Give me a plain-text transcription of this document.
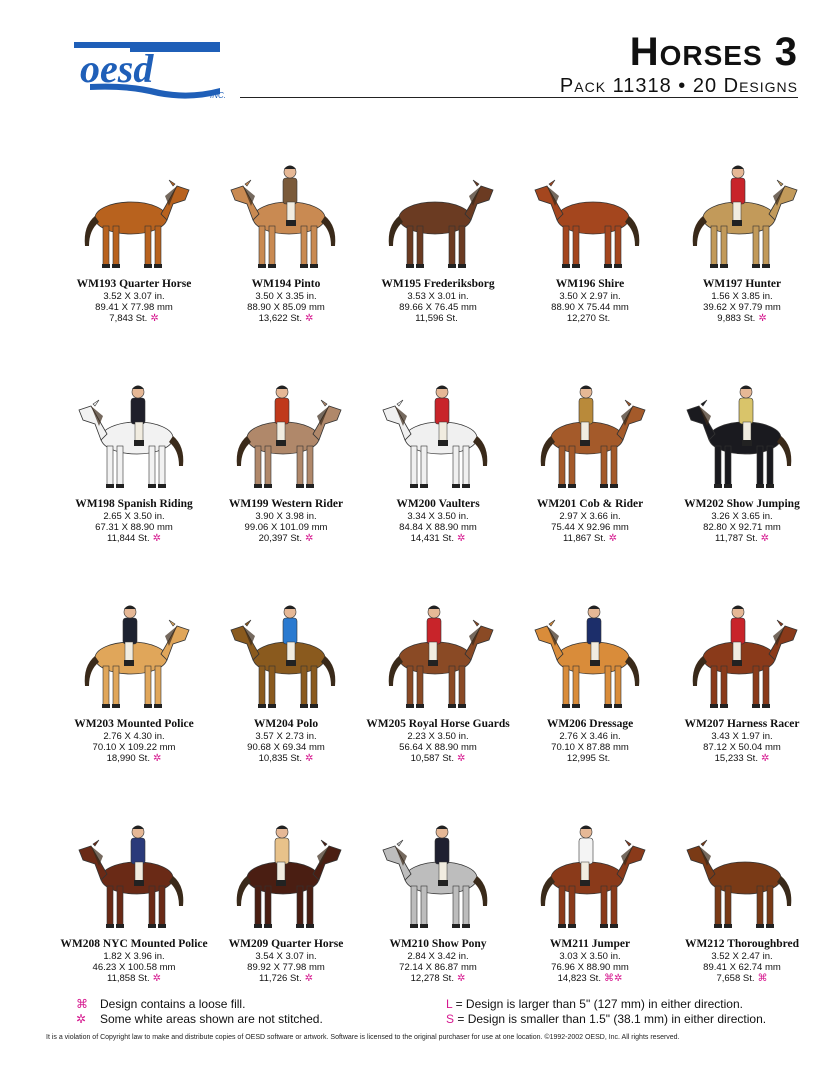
oesd
INC.
Horses 3
Pack 11318 • 20 Designs
WM193 Quarter Horse
3.52 X 3.07 in.
89.41 X 77.98 mm
7,843 St. ✲
WM194 Pinto
3.50 X 3.35 in.
88.90 X 85.09 mm
13,622 St. ✲
WM195 Frederiksborg
3.53 X 3.01 in.
89.66 X 76.45 mm
11,596 St.
WM196 Shire
3.50 X 2.97 in.
88.90 X 75.44 mm
12,270 St.
WM197 Hunter
1.56 X 3.85 in.
39.62 X 97.79 mm
9,883 St. ✲
WM198 Spanish Riding
2.65 X 3.50 in.
67.31 X 88.90 mm
11,844 St. ✲
WM199 Western Rider
3.90 X 3.98 in.
99.06 X 101.09 mm
20,397 St. ✲
WM200 Vaulters
3.34 X 3.50 in.
84.84 X 88.90 mm
14,431 St. ✲
WM201 Cob & Rider
2.97 X 3.66 in.
75.44 X 92.96 mm
11,867 St. ✲
WM202 Show Jumping
3.26 X 3.65 in.
82.80 X 92.71 mm
11,787 St. ✲
WM203 Mounted Police
2.76 X 4.30 in.
70.10 X 109.22 mm
18,990 St. ✲
WM204 Polo
3.57 X 2.73 in.
90.68 X 69.34 mm
10,835 St. ✲
WM205 Royal Horse Guards
2.23 X 3.50 in.
56.64 X 88.90 mm
10,587 St. ✲
WM206 Dressage
2.76 X 3.46 in.
70.10 X 87.88 mm
12,995 St.
WM207 Harness Racer
3.43 X 1.97 in.
87.12 X 50.04 mm
15,233 St. ✲
WM208 NYC Mounted Police
1.82 X 3.96 in.
46.23 X 100.58 mm
11,858 St. ✲
WM209 Quarter Horse
3.54 X 3.07 in.
89.92 X 77.98 mm
11,726 St. ✲
WM210 Show Pony
2.84 X 3.42 in.
72.14 X 86.87 mm
12,278 St. ✲
WM211 Jumper
3.03 X 3.50 in.
76.96 X 88.90 mm
14,823 St. ⌘✲
WM212 Thoroughbred
3.52 X 2.47 in.
89.41 X 62.74 mm
7,658 St. ⌘
⌘ Design contains a loose fill.
✲ Some white areas shown are not stitched.
L = Design is larger than 5" (127 mm) in either direction.
S = Design is smaller than 1.5" (38.1 mm) in either direction.
It is a violation of Copyright law to make and distribute copies of OESD software or artwork. Software is licensed to the original purchaser for use at one location. ©1992-2002 OESD, Inc. All rights reserved.
